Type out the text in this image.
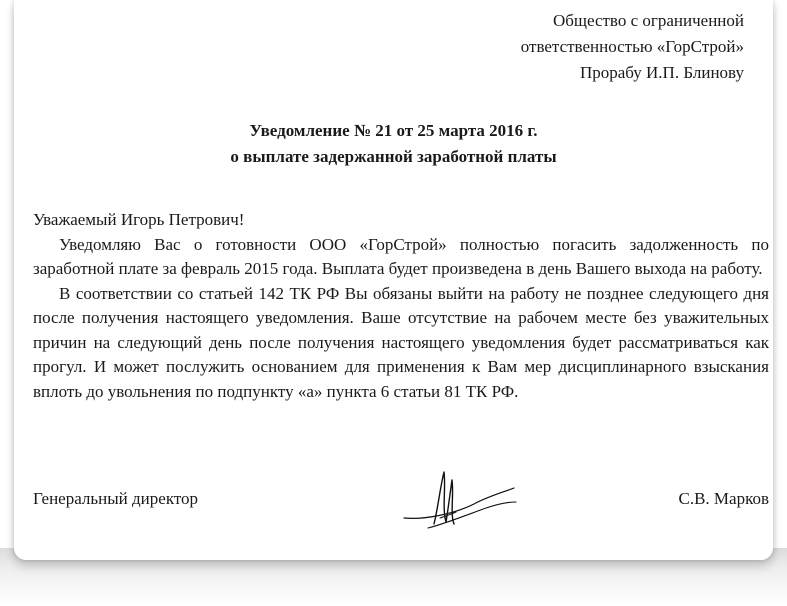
Общество с ограниченной
ответственностью «ГорСтрой»
Прорабу И.П. Блинову
Уведомление № 21 от 25 марта 2016 г.
о выплате задержанной заработной платы
Уважаемый Игорь Петрович!

Уведомляю Вас о готовности ООО «ГорСтрой» полностью погасить задолженность по заработной плате за февраль 2015 года. Выплата будет произведена в день Вашего выхода на работу.

В соответствии со статьей 142 ТК РФ Вы обязаны выйти на работу не позднее следующего дня после получения настоящего уведомления. Ваше отсутствие на рабочем месте без уважительных причин на следующий день после получения настоящего уведомления будет рассматриваться как прогул. И может послужить основанием для применения к Вам мер дисциплинарного взыскания вплоть до увольнения по подпункту «а» пункта 6 статьи 81 ТК РФ.

Генеральный директор	С.В. Марков
